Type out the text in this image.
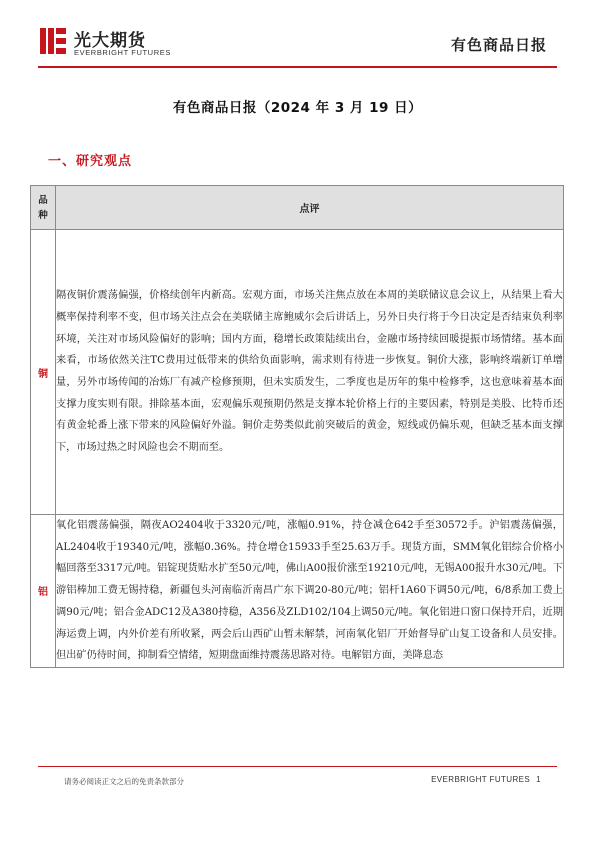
光大期货
EVERBRIGHT FUTURES	有色商品日报
有色商品日报（2024 年 3 月 19 日）
一、研究观点
品
种	点评
铜	隔夜铜价震荡偏强，价格续创年内新高。宏观方面，市场关注焦点放在本周的美联储议息会议上，从结果上看大概率保持利率不变，但市场关注点会在美联储主席鲍威尔会后讲话上，另外日央行将于今日决定是否结束负利率环境，关注对市场风险偏好的影响；国内方面，稳增长政策陆续出台，金融市场持续回暖提振市场情绪。基本面来看，市场依然关注TC费用过低带来的供给负面影响，需求则有待进一步恢复。铜价大涨，影响终端新订单增量，另外市场传闻的冶炼厂有减产检修预期，但未实质发生，二季度也是历年的集中检修季，这也意味着基本面支撑力度实则有限。排除基本面，宏观偏乐观预期仍然是支撑本轮价格上行的主要因素，特别是美股、比特币还有黄金轮番上涨下带来的风险偏好外溢。铜价走势类似此前突破后的黄金，短线或仍偏乐观，但缺乏基本面支撑下，市场过热之时风险也会不期而至。
铝	氧化铝震荡偏强，隔夜AO2404收于3320元/吨，涨幅0.91%，持仓减仓642手至30572手。沪铝震荡偏强，AL2404收于19340元/吨，涨幅0.36%。持仓增仓15933手至25.63万手。现货方面，SMM氧化铝综合价格小幅回落至3317元/吨。铝锭现货贴水扩至50元/吨，佛山A00报价涨至19210元/吨，无锡A00报升水30元/吨。下游铝棒加工费无锡持稳，新疆包头河南临沂南昌广东下调20-80元/吨；铝杆1A60下调50元/吨，6/8系加工费上调90元/吨；铝合金ADC12及A380持稳，A356及ZLD102/104上调50元/吨。氧化铝进口窗口保持开启，近期海运费上调，内外价差有所收紧，两会后山西矿山暂未解禁，河南氧化铝厂开始督导矿山复工设备和人员安排。但出矿仍待时间，抑制看空情绪，短期盘面维持震荡思路对待。电解铝方面，美降息态
请务必阅读正文之后的免责条款部分	EVERBRIGHT FUTURES 1
